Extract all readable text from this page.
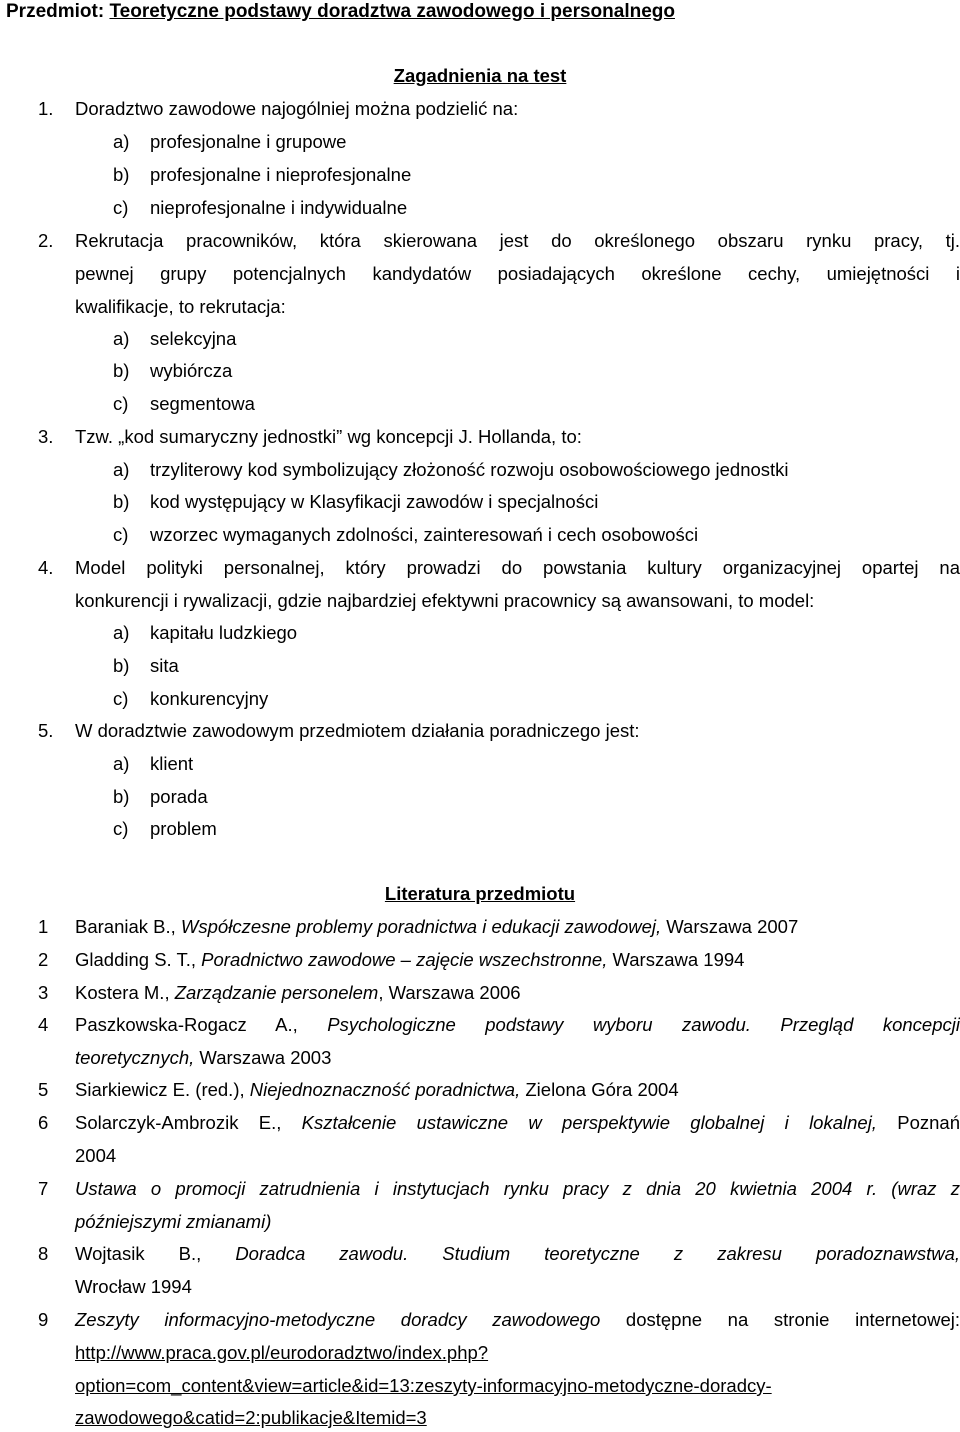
Przedmiot: Teoretyczne podstawy doradztwa zawodowego i personalnego
Zagadnienia na test
1. Doradztwo zawodowe najogólniej można podzielić na:
a) profesjonalne i grupowe
b) profesjonalne i nieprofesjonalne
c) nieprofesjonalne i indywidualne
2. Rekrutacja pracowników, która skierowana jest do określonego obszaru rynku pracy, tj.
pewnej grupy potencjalnych kandydatów posiadających określone cechy, umiejętności i
kwalifikacje, to rekrutacja:
a) selekcyjna
b) wybiórcza
c) segmentowa
3. Tzw. „kod sumaryczny jednostki” wg koncepcji J. Hollanda, to:
a) trzyliterowy kod symbolizujący złożoność rozwoju osobowościowego jednostki
b) kod występujący w Klasyfikacji zawodów i specjalności
c) wzorzec wymaganych zdolności, zainteresowań i cech osobowości
4. Model polityki personalnej, który prowadzi do powstania kultury organizacyjnej opartej na
konkurencji i rywalizacji, gdzie najbardziej efektywni pracownicy są awansowani, to model:
a) kapitału ludzkiego
b) sita
c) konkurencyjny
5. W doradztwie zawodowym przedmiotem działania poradniczego jest:
a) klient
b) porada
c) problem
Literatura przedmiotu
1 Baraniak B., Współczesne problemy poradnictwa i edukacji zawodowej, Warszawa 2007
2 Gladding S. T., Poradnictwo zawodowe – zajęcie wszechstronne, Warszawa 1994
3 Kostera M., Zarządzanie personelem, Warszawa 2006
4 Paszkowska-Rogacz A., Psychologiczne podstawy wyboru zawodu. Przegląd koncepcji
teoretycznych, Warszawa 2003
5 Siarkiewicz E. (red.), Niejednoznaczność poradnictwa, Zielona Góra 2004
6 Solarczyk-Ambrozik E., Kształcenie ustawiczne w perspektywie globalnej i lokalnej, Poznań
2004
7 Ustawa o promocji zatrudnienia i instytucjach rynku pracy z dnia 20 kwietnia 2004 r. (wraz z
późniejszymi zmianami)
8 Wojtasik B., Doradca zawodu. Studium teoretyczne z zakresu poradoznawstwa,
Wrocław 1994
9 Zeszyty informacyjno-metodyczne doradcy zawodowego dostępne na stronie internetowej:
http://www.praca.gov.pl/eurodoradztwo/index.php?
option=com_content&view=article&id=13:zeszyty-informacyjno-metodyczne-doradcy-
zawodowego&catid=2:publikacje&Itemid=3
